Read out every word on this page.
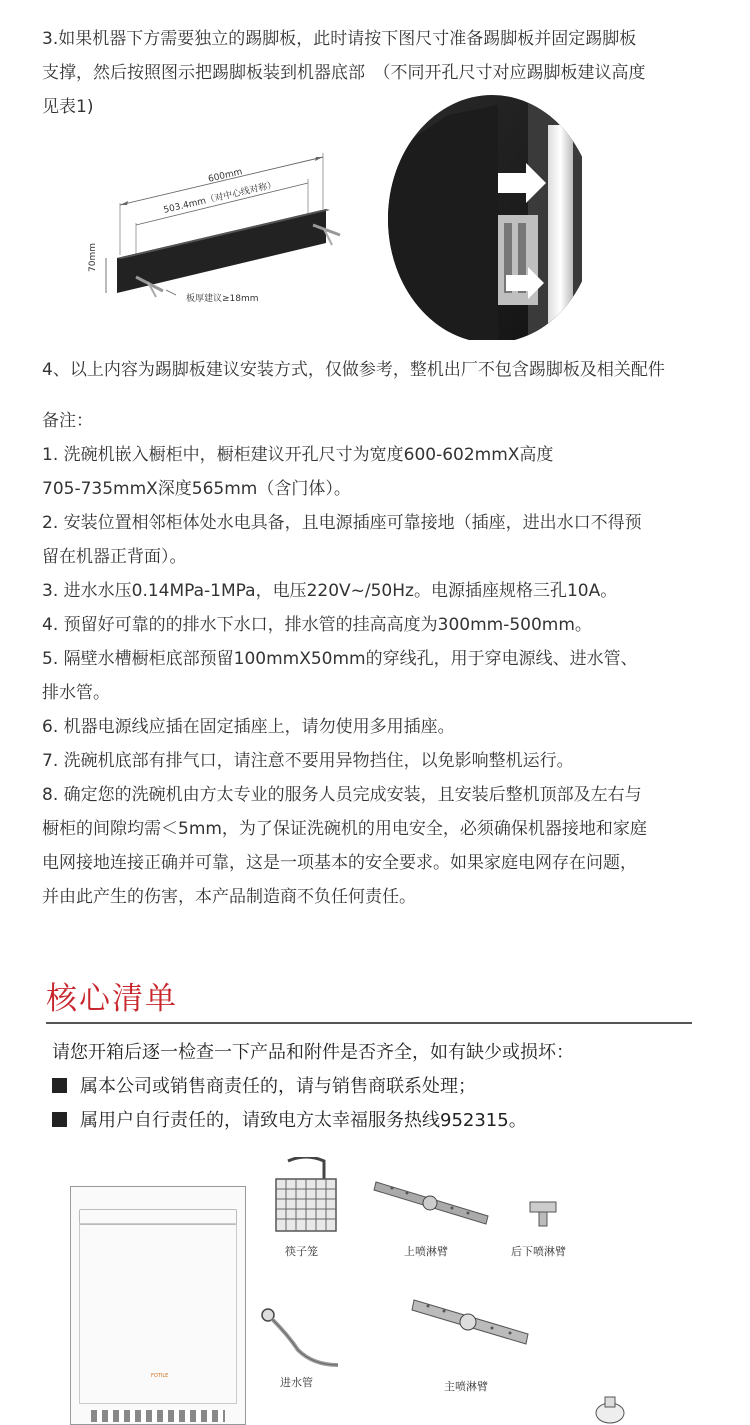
3.如果机器下方需要独立的踢脚板，此时请按下图尺寸准备踢脚板并固定踢脚板
支撑，然后按照图示把踢脚板装到机器底部　（不同开孔尺寸对应踢脚板建议高度
见表1)
600mm
503.4mm（对中心线对称）
70mm
板厚建议≥18mm
4、以上内容为踢脚板建议安装方式，仅做参考，整机出厂不包含踢脚板及相关配件
备注：
1. 洗碗机嵌入橱柜中，橱柜建议开孔尺寸为宽度600-602mmX高度
705-735mmX深度565mm（含门体）。
2. 安装位置相邻柜体处水电具备，且电源插座可靠接地（插座，进出水口不得预
留在机器正背面）。
3. 进水水压0.14MPa-1MPa，电压220V~/50Hz。电源插座规格三孔10A。
4. 预留好可靠的的排水下水口，排水管的挂高高度为300mm-500mm。
5. 隔壁水槽橱柜底部预留100mmX50mm的穿线孔，用于穿电源线、进水管、
排水管。
6. 机器电源线应插在固定插座上，请勿使用多用插座。
7. 洗碗机底部有排气口，请注意不要用异物挡住，以免影响整机运行。
8. 确定您的洗碗机由方太专业的服务人员完成安装，且安装后整机顶部及左右与
橱柜的间隙均需＜5mm，为了保证洗碗机的用电安全，必须确保机器接地和家庭
电网接地连接正确并可靠，这是一项基本的安全要求。如果家庭电网存在问题，
并由此产生的伤害，本产品制造商不负任何责任。
核心清单
请您开箱后逐一检查一下产品和附件是否齐全，如有缺少或损坏：
属本公司或销售商责任的，请与销售商联系处理；
属用户自行责任的，请致电方太幸福服务热线952315。
FOTILE
筷子笼	上喷淋臂	后下喷淋臂
进水管	主喷淋臂
